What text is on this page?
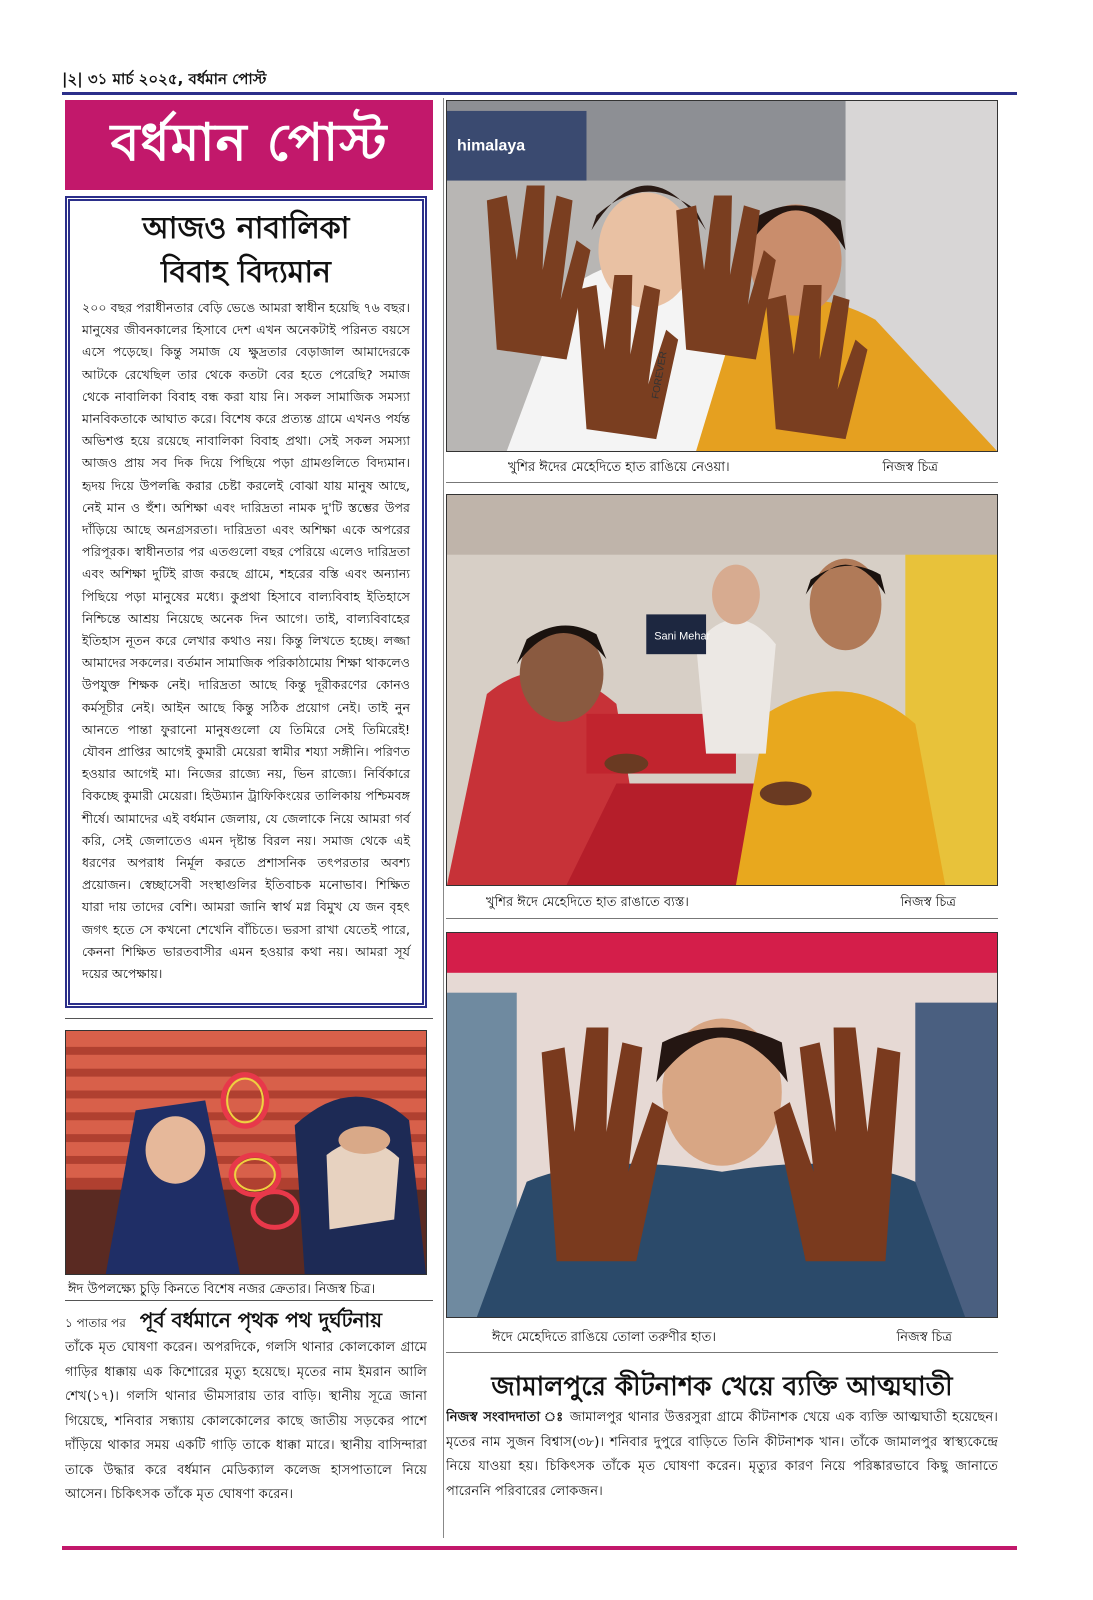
|২| ৩১ মার্চ ২০২৫, বর্ধমান পোস্ট
বর্ধমান পোস্ট
আজও নাবালিকা
বিবাহ বিদ্যমান
২০০ বছর পরাধীনতার বেড়ি ভেঙে আমরা স্বাধীন হয়েছি ৭৬ বছর। মানুষের জীবনকালের হিসাবে দেশ এখন অনেকটাই পরিনত বয়সে এসে পড়েছে। কিন্তু সমাজ যে ক্ষুদ্রতার বেড়াজাল আমাদেরকে আটকে রেখেছিল তার থেকে কতটা বের হতে পেরেছি? সমাজ থেকে নাবালিকা বিবাহ বন্ধ করা যায় নি। সকল সামাজিক সমস্যা মানবিকতাকে আঘাত করে। বিশেষ করে প্রত্যন্ত গ্রামে এখনও পর্যন্ত অভিশপ্ত হয়ে রয়েছে নাবালিকা বিবাহ প্রথা। সেই সকল সমস্যা আজও প্রায় সব দিক দিয়ে পিছিয়ে পড়া গ্রামগুলিতে বিদ্যমান। হৃদয় দিয়ে উপলব্ধি করার চেষ্টা করলেই বোঝা যায় মানুষ আছে, নেই মান ও হুঁশ। অশিক্ষা এবং দারিদ্রতা নামক দু'টি স্তম্ভের উপর দাঁড়িয়ে আছে অনগ্রসরতা। দারিদ্রতা এবং অশিক্ষা একে অপরের পরিপূরক। স্বাধীনতার পর এতগুলো বছর পেরিয়ে এলেও দারিদ্রতা এবং অশিক্ষা দুটিই রাজ করছে গ্রামে, শহরের বস্তি এবং অন্যান্য পিছিয়ে পড়া মানুষের মধ্যে। কুপ্রথা হিসাবে বাল্যবিবাহ ইতিহাসে নিশ্চিন্তে আশ্রয় নিয়েছে অনেক দিন আগে। তাই, বাল্যবিবাহের ইতিহাস নূতন করে লেখার কথাও নয়। কিন্তু লিখতে হচ্ছে। লজ্জা আমাদের সকলের। বর্তমান সামাজিক পরিকাঠামোয় শিক্ষা থাকলেও উপযুক্ত শিক্ষক নেই। দারিদ্রতা আছে কিন্তু দূরীকরণের কোনও কর্মসূচীর নেই। আইন আছে কিন্তু সঠিক প্রয়োগ নেই। তাই নুন আনতে পান্তা ফুরানো মানুষগুলো যে তিমিরে সেই তিমিরেই! যৌবন প্রাপ্তির আগেই কুমারী মেয়েরা স্বামীর শয্যা সঙ্গীনি। পরিণত হওয়ার আগেই মা। নিজের রাজ্যে নয়, ভিন রাজ্যে। নির্বিকারে বিকচ্ছে কুমারী মেয়েরা। হিউম্যান ট্রাফিকিংয়ের তালিকায় পশ্চিমবঙ্গ শীর্ষে। আমাদের এই বর্ধমান জেলায়, যে জেলাকে নিয়ে আমরা গর্ব করি, সেই জেলাতেও এমন দৃষ্টান্ত বিরল নয়। সমাজ থেকে এই ধরণের অপরাধ নির্মূল করতে প্রশাসনিক তৎপরতার অবশ্য প্রয়োজন। স্বেচ্ছাসেবী সংস্থাগুলির ইতিবাচক মনোভাব। শিক্ষিত যারা দায় তাদের বেশি। আমরা জানি স্বার্থ মগ্ন বিমুখ যে জন বৃহৎ জগৎ হতে সে কখনো শেখেনি বাঁচিতে। ভরসা রাখা যেতেই পারে, কেননা শিক্ষিত ভারতবাসীর এমন হওয়ার কথা নয়। আমরা সূর্য দয়ের অপেক্ষায়।
ঈদ উপলক্ষ্যে চুড়ি কিনতে বিশেষ নজর ক্রেতার। নিজস্ব চিত্র।
১ পাতার পর পূর্ব বর্ধমানে পৃথক পথ দুর্ঘটনায়
তাঁকে মৃত ঘোষণা করেন। অপরদিকে, গলসি থানার কোলকোল গ্রামে গাড়ির ধাক্কায় এক কিশোরের মৃত্যু হয়েছে। মৃতের নাম ইমরান আলি শেখ(১৭)। গলসি থানার ভীমসারায় তার বাড়ি। স্থানীয় সূত্রে জানা গিয়েছে, শনিবার সন্ধ্যায় কোলকোলের কাছে জাতীয় সড়কের পাশে দাঁড়িয়ে থাকার সময় একটি গাড়ি তাকে ধাক্কা মারে। স্থানীয় বাসিন্দারা তাকে উদ্ধার করে বর্ধমান মেডিক্যাল কলেজ হাসপাতালে নিয়ে আসেন। চিকিৎসক তাঁকে মৃত ঘোষণা করেন।
himalaya
FOREVER
খুশির ঈদের মেহেদিতে হাত রাঙিয়ে নেওয়া।	নিজস্ব চিত্র
Sani Mehar
খুশির ঈদে মেহেদিতে হাত রাঙাতে ব্যস্ত।	নিজস্ব চিত্র
ঈদে মেহেদিতে রাঙিয়ে তোলা তরুণীর হাত।	নিজস্ব চিত্র
জামালপুরে কীটনাশক খেয়ে ব্যক্তি আত্মঘাতী
নিজস্ব সংবাদদাতা ঃ জামালপুর থানার উত্তরসুরা গ্রামে কীটনাশক খেয়ে এক ব্যক্তি আত্মঘাতী হয়েছেন। মৃতের নাম সুজন বিশ্বাস(৩৮)। শনিবার দুপুরে বাড়িতে তিনি কীটনাশক খান। তাঁকে জামালপুর স্বাস্থ্যকেন্দ্রে নিয়ে যাওয়া হয়। চিকিৎসক তাঁকে মৃত ঘোষণা করেন। মৃত্যুর কারণ নিয়ে পরিষ্কারভাবে কিছু জানাতে পারেননি পরিবারের লোকজন।
